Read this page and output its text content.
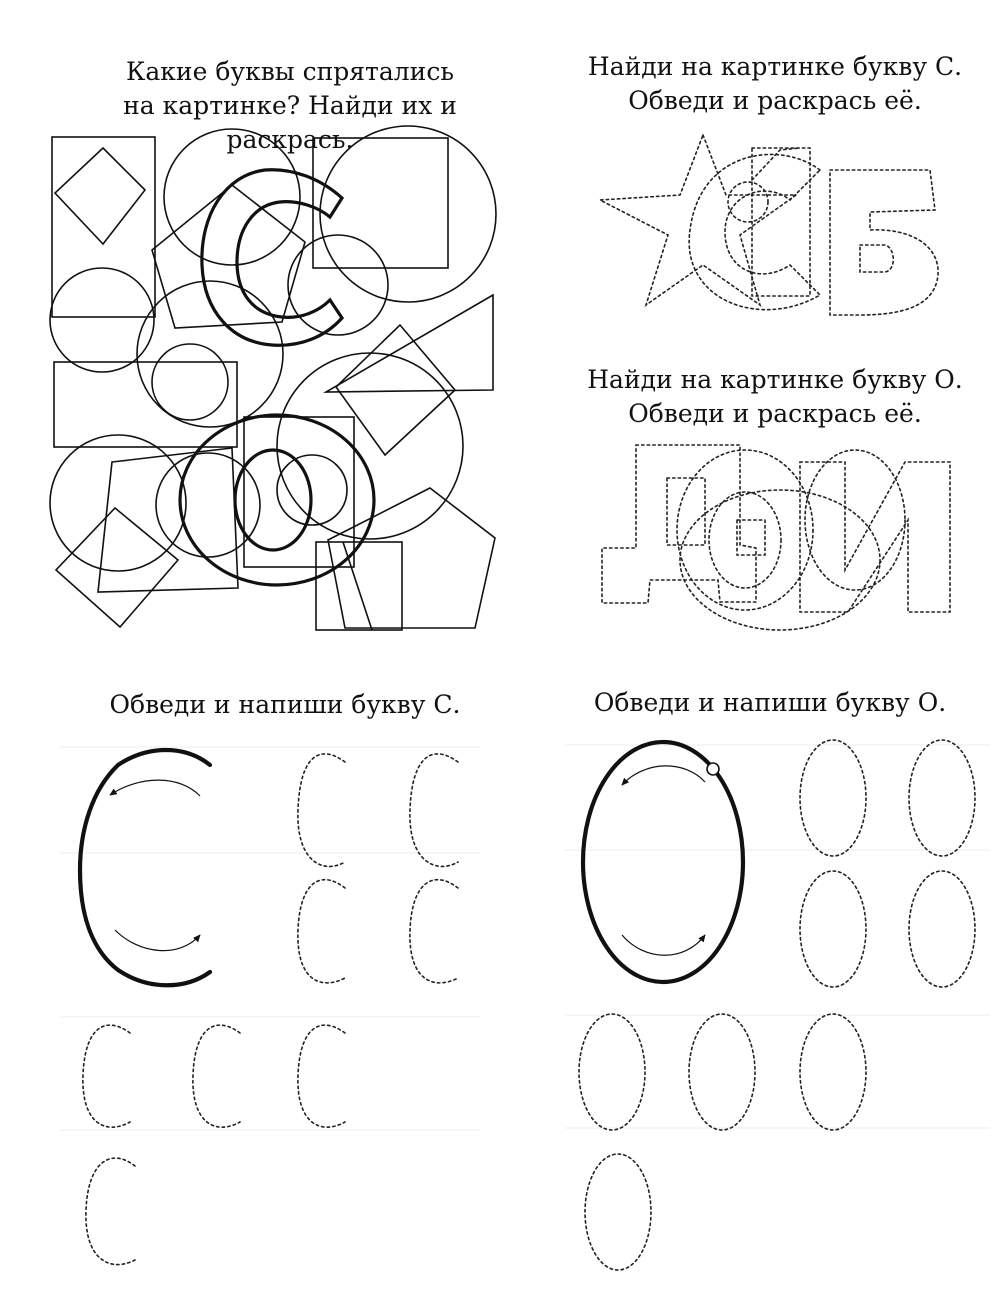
Какие буквы спрятались
на картинке? Найди их и раскрась.
Найди на картинке букву С.
Обведи и раскрась её.
Найди на картинке букву О.
Обведи и раскрась её.
Обведи и напиши букву С.	Обведи и напиши букву О.
